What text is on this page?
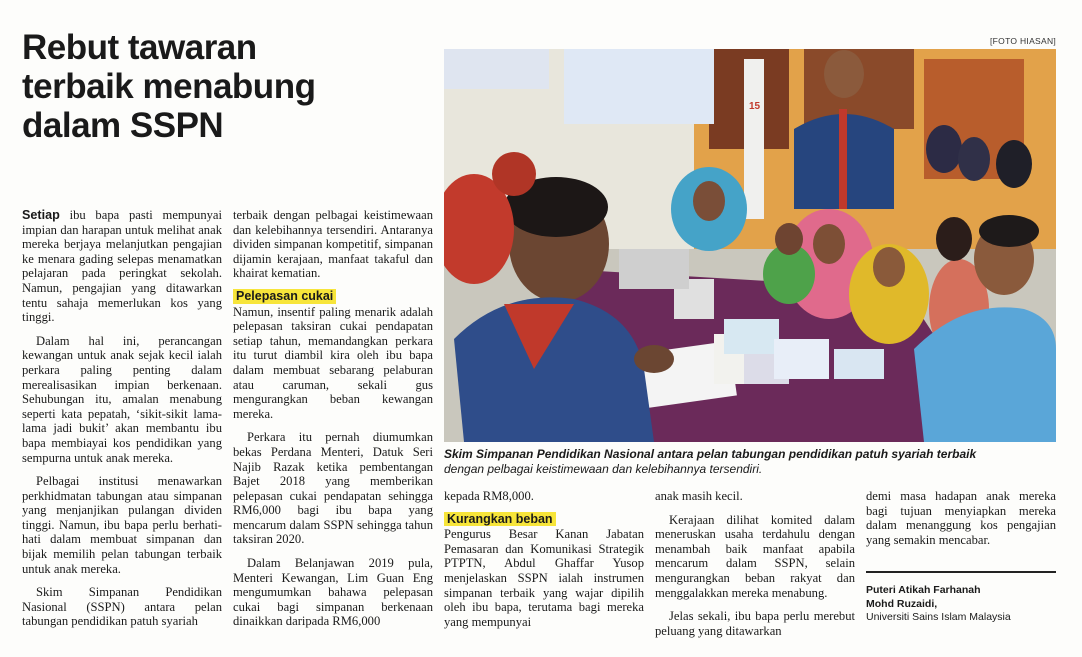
Rebut tawaran
terbaik menabung
dalam SSPN
[FOTO HIASAN]
15
Skim Simpanan Pendidikan Nasional antara pelan tabungan pendidikan patuh syariah terbaik
dengan pelbagai keistimewaan dan kelebihannya tersendiri.

Setiap ibu bapa pasti mempunyai impian dan harapan untuk melihat anak mereka berjaya melanjutkan pengajian ke menara gading selepas menamatkan pelajaran pada peringkat sekolah. Namun, pengajian yang ditawarkan tentu sahaja memerlukan kos yang tinggi.

Dalam hal ini, perancangan kewangan untuk anak sejak kecil ialah perkara paling penting dalam merealisasikan impian berkenaan. Sehubungan itu, amalan menabung seperti kata pepatah, ‘sikit-sikit lama-lama jadi bukit’ akan membantu ibu bapa membiayai kos pendidikan yang sempurna untuk anak mereka.

Pelbagai institusi menawarkan perkhidmatan tabungan atau simpanan yang menjanjikan pulangan dividen tinggi. Namun, ibu bapa perlu berhati-hati dalam membuat simpanan dan bijak memilih pelan tabungan terbaik untuk anak mereka.

Skim Simpanan Pendidikan Nasional (SSPN) antara pelan tabungan pendidikan patuh syariah

terbaik dengan pelbagai keistimewaan dan kelebihannya tersendiri. Antaranya dividen simpanan kompetitif, simpanan dijamin kerajaan, manfaat takaful dan khairat kematian.

Pelepasan cukai

Namun, insentif paling menarik adalah pelepasan taksiran cukai pendapatan setiap tahun, memandangkan perkara itu turut diambil kira oleh ibu bapa dalam membuat sebarang pelaburan atau caruman, sekali gus mengurangkan beban kewangan mereka.

Perkara itu pernah diumumkan bekas Perdana Menteri, Datuk Seri Najib Razak ketika pembentangan Bajet 2018 yang memberikan pelepasan cukai pendapatan sehingga RM6,000 bagi ibu bapa yang mencarum dalam SSPN sehingga tahun taksiran 2020.

Dalam Belanjawan 2019 pula, Menteri Kewangan, Lim Guan Eng mengumumkan bahawa pelepasan cukai bagi simpanan berkenaan dinaikkan daripada RM6,000

kepada RM8,000.

Kurangkan beban

Pengurus Besar Kanan Jabatan Pemasaran dan Komunikasi Strategik PTPTN, Abdul Ghaffar Yusop menjelaskan SSPN ialah instrumen simpanan terbaik yang wajar dipilih oleh ibu bapa, terutama bagi mereka yang mempunyai

anak masih kecil.

Kerajaan dilihat komited dalam meneruskan usaha terdahulu dengan menambah baik manfaat apabila mencarum dalam SSPN, selain mengurangkan beban rakyat dan menggalakkan mereka menabung.

Jelas sekali, ibu bapa perlu merebut peluang yang ditawarkan

demi masa hadapan anak mereka bagi tujuan menyiapkan mereka dalam menanggung kos pengajian yang semakin mencabar.

Puteri Atikah Farhanah
Mohd Ruzaidi,
Universiti Sains Islam Malaysia
